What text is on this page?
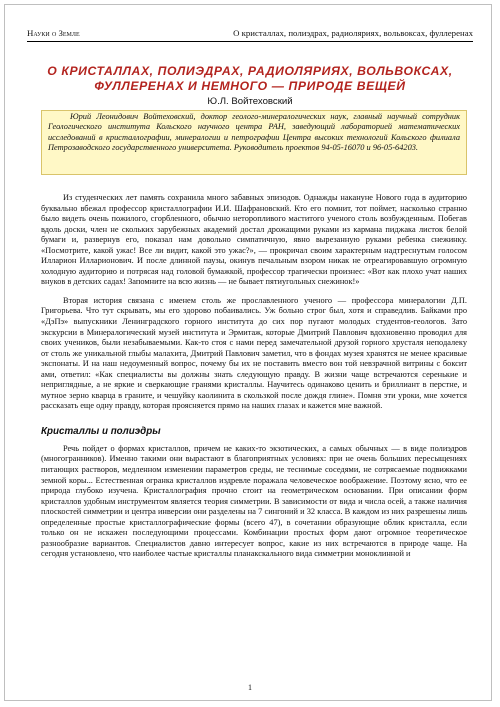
Науки о Земле	О кристаллах, полиэдрах, радиоляриях, вольвоксах, фуллеренах
О КРИСТАЛЛАХ, ПОЛИЭДРАХ, РАДИОЛЯРИЯХ, ВОЛЬВОКСАХ, ФУЛЛЕРЕНАХ И НЕМНОГО — ПРИРОДЕ ВЕЩЕЙ
Ю.Л. Войтеховский
Юрий Леонидович Войтеховский, доктор геолого-минералогических наук, главный научный сотрудник Геологического института Кольского научного центра РАН, заведующий лабораторией математических исследований в кристаллографии, минералогии и петрографии Центра высоких технологий Кольского филиала Петрозаводского государственного университета. Руководитель проектов 94-05-16070 и 96-05-64203.

Из студенческих лет память сохранила много забавных эпизодов. Однажды накануне Нового года в аудиторию буквально вбежал профессор кристаллографии И.И. Шафрановский. Кто его помнит, тот поймет, насколько странно было видеть очень пожилого, сгорбленного, обычно неторопливого маститого ученого столь возбужденным. Побегав вдоль доски, член не скольких зарубежных академий достал дрожащими руками из кармана пиджака листок белой бумаги и, развернув его, показал нам довольно симпатичную, явно вырезанную руками ребенка снежинку. «Посмотрите, какой ужас! Все ли видит, какой это ужас?», — прокричал своим характерным надтреснутым голосом Илларион Илларионович. И после длинной паузы, окинув печальным взором никак не отреагировавшую огромную холодную аудиторию и потрясая над головой бумажкой, профессор трагически произнес: «Вот как плохо учат наших внуков в детских садах! Запомните на всю жизнь — не бывает пятиугольных снежинок!»

Вторая история связана с именем столь же прославленного ученого — профессора минералогии Д.П. Григорьева. Что тут скрывать, мы его здорово побаивались. Уж больно строг был, хотя и справедлив. Байками про «ДэПэ» выпускники Ленинградского горного института до сих пор пугают молодых студентов-геологов. Зато экскурсии в Минералогический музей института и Эрмитаж, которые Дмитрий Павлович вдохновенно проводил для своих учеников, были незабываемыми. Как-то стоя с нами перед замечательной друзой горного хрусталя неподалеку от столь же уникальной глыбы малахита, Дмитрий Павлович заметил, что в фондах музея хранятся не менее красивые экспонаты. И на наш недоуменный вопрос, почему бы их не поставить вместо вон той невзрачной витрины с боксит ами, ответил: «Как специалисты вы должны знать следующую правду. В жизни чаще встречаются серенькие и неприглядные, а не яркие и сверкающие гранями кристаллы. Научитесь одинаково ценить и бриллиант в перстне, и мутное зерно кварца в граните, и чешуйку каолинита в скользкой после дождя глине». Помня эти уроки, мне хочется рассказать еще одну правду, которая проясняется прямо на наших глазах и кажется мне важной.

Кристаллы и полиэдры

Речь пойдет о формах кристаллов, причем не каких-то экзотических, а самых обычных — в виде полиэдров (многогранников). Именно такими они вырастают в благоприятных условиях: при не очень больших пересыщениях питающих растворов, медленном изменении параметров среды, не теснимые соседями, не сотрясаемые подвижками земной коры... Естественная огранка кристаллов издревле поражала человеческое воображение. Поэтому ясно, что ее природа глубоко изучена. Кристаллография прочно стоит на геометрическом основании. При описании форм кристаллов удобным инструментом является теория симметрии. В зависимости от вида и числа осей, а также наличия плоскостей симметрии и центра инверсии они разделены на 7 сингоний и 32 класса. В каждом из них разрешены лишь определенные простые кристаллографические формы (всего 47), в сочетании образующие облик кристалла, если только он не искажен последующими процессами. Комбинации простых форм дают огромное теоретическое разнообразие вариантов. Специалистов давно интересует вопрос, какие из них встречаются в природе чаще. На сегодня установлено, что наиболее частые кристаллы планакскального вида симметрии моноклинной и

1
